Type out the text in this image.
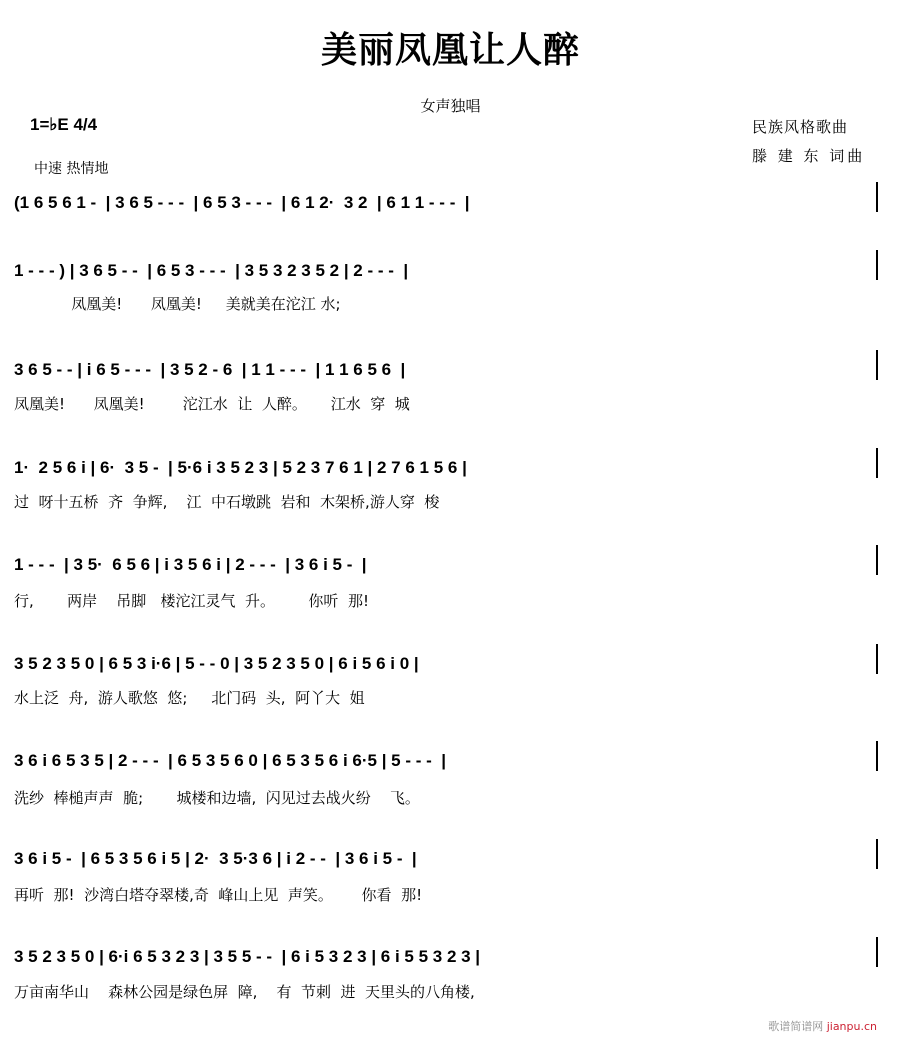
美丽凤凰让人醉
女声独唱
1=♭E 4/4
中速 热情地
民族风格歌曲
滕 建 东 词曲
(1 6 5 6 1 -  | 3 6 5 - - -  | 6 5 3 - - -  | 6 1 2·  3 2  | 6 1 1 - - -  |
1 - - - ) | 3 6 5 - -  | 6 5 3 - - -  | 3 5 3 2 3 5 2 | 2 - - -  |
凤凰美!      凤凰美!     美就美在沱江 水;
3 6 5 - - | i 6 5 - - -  | 3 5 2 - 6  | 1 1 - - -  | 1 1 6 5 6  |
凤凰美!      凤凰美!        沱江水  让  人醉。     江水  穿  城
1·  2 5 6 i | 6·  3 5 -  | 5·6 i 3 5 2 3 | 5 2 3 7 6 1 | 2 7 6 1 5 6 |
过  呀十五桥  齐  争辉,    江  中石墩跳  岩和  木架桥,游人穿  梭
1 - - -  | 3 5·  6 5 6 | i 3 5 6 i | 2 - - -  | 3 6 i 5 -  |
行,       两岸    吊脚   楼沱江灵气  升。       你听  那!
3 5 2 3 5 0 | 6 5 3 i·6 | 5 - - 0 | 3 5 2 3 5 0 | 6 i 5 6 i 0 |
水上泛  舟,  游人歌悠  悠;     北门码  头,  阿丫大  姐
3 6 i 6 5 3 5 | 2 - - -  | 6 5 3 5 6 0 | 6 5 3 5 6 i 6·5 | 5 - - -  |
洗纱  棒槌声声  脆;       城楼和边墙,  闪见过去战火纷    飞。
3 6 i 5 -  | 6 5 3 5 6 i 5 | 2·  3 5·3 6 | i 2 - -  | 3 6 i 5 -  |
再听  那!  沙湾白塔夺翠楼,奇  峰山上见  声笑。      你看  那!
3 5 2 3 5 0 | 6·i 6 5 3 2 3 | 3 5 5 - -  | 6 i 5 3 2 3 | 6 i 5 5 3 2 3 |
万亩南华山    森林公园是绿色屏  障,    有  节刺  进  天里头的八角楼,
歌谱简谱网 jianpu.cn
